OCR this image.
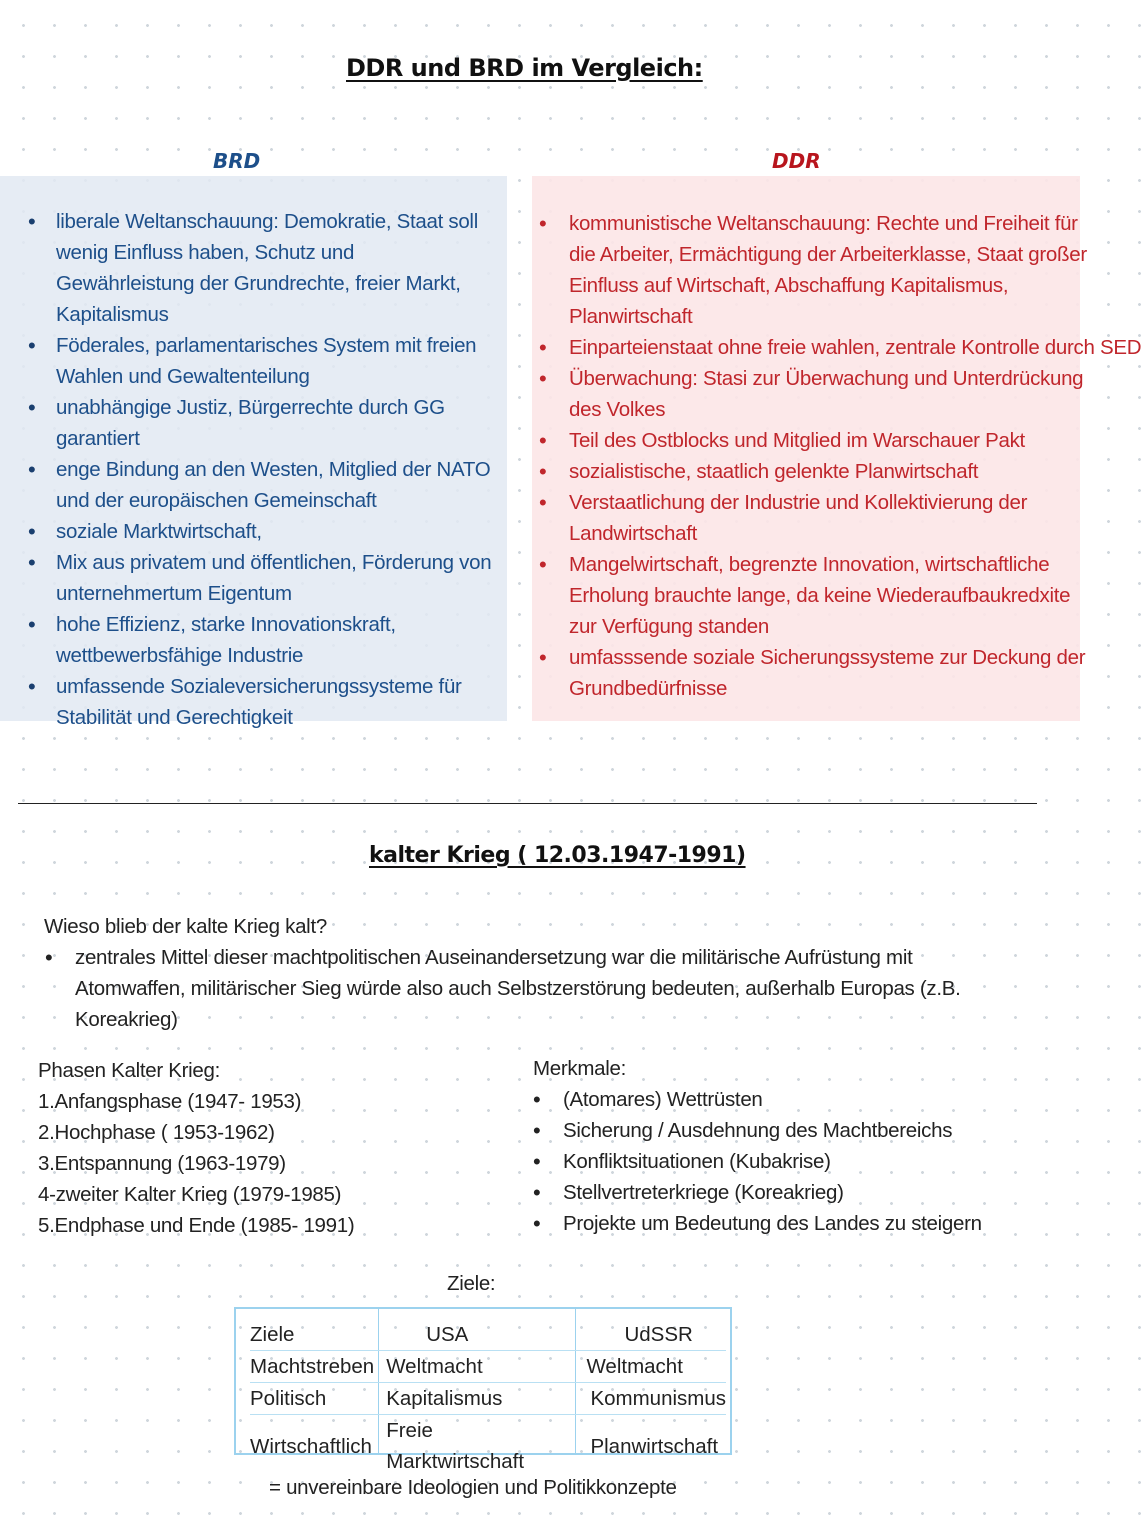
DDR und BRD im Vergleich:
BRD	DDR
• liberale Weltanschauung: Demokratie, Staat soll wenig Einfluss haben, Schutz und Gewährleistung der Grundrechte, freier Markt, Kapitalismus
• Föderales, parlamentarisches System mit freien Wahlen und Gewaltenteilung
• unabhängige Justiz, Bürgerrechte durch GG garantiert
• enge Bindung an den Westen, Mitglied der NATO und der europäischen Gemeinschaft
• soziale Marktwirtschaft,
• Mix aus privatem und öffentlichen, Förderung von unternehmertum Eigentum
• hohe Effizienz, starke Innovationskraft, wettbewerbsfähige Industrie
• umfassende Sozialeversicherungssysteme für Stabilität und Gerechtigkeit
• kommunistische Weltanschauung: Rechte und Freiheit für die Arbeiter, Ermächtigung der Arbeiterklasse, Staat großer Einfluss auf Wirtschaft, Abschaffung Kapitalismus, Planwirtschaft
• Einparteienstaat ohne freie wahlen, zentrale Kontrolle durch SED
• Überwachung: Stasi zur Überwachung und Unterdrückung des Volkes
• Teil des Ostblocks und Mitglied im Warschauer Pakt
• sozialistische, staatlich gelenkte Planwirtschaft
• Verstaatlichung der Industrie und Kollektivierung der Landwirtschaft
• Mangelwirtschaft, begrenzte Innovation, wirtschaftliche Erholung brauchte lange, da keine Wiederaufbaukredxite zur Verfügung standen
• umfasssende soziale Sicherungssysteme zur Deckung der Grundbedürfnisse
kalter Krieg ( 12.03.1947-1991)
Wieso blieb der kalte Krieg kalt?
• zentrales Mittel dieser machtpolitischen Auseinandersetzung war die militärische Aufrüstung mit Atomwaffen, militärischer Sieg würde also auch Selbstzerstörung bedeuten, außerhalb Europas (z.B. Koreakrieg)
Phasen Kalter Krieg:
1.Anfangsphase (1947- 1953)
2.Hochphase ( 1953-1962)
3.Entspannung (1963-1979)
4-zweiter Kalter Krieg (1979-1985)
5.Endphase und Ende (1985- 1991)
Merkmale:
• (Atomares) Wettrüsten
• Sicherung / Ausdehnung des Machtbereichs
• Konfliktsituationen (Kubakrise)
• Stellvertreterkriege (Koreakrieg)
• Projekte um Bedeutung des Landes zu steigern
Ziele:
Ziele	USA	UdSSR
Machtstreben	Weltmacht	Weltmacht
Politisch	Kapitalismus	Kommunismus
Wirtschaftlich	Freie Marktwirtschaft	Planwirtschaft
= unvereinbare Ideologien und Politikkonzepte
